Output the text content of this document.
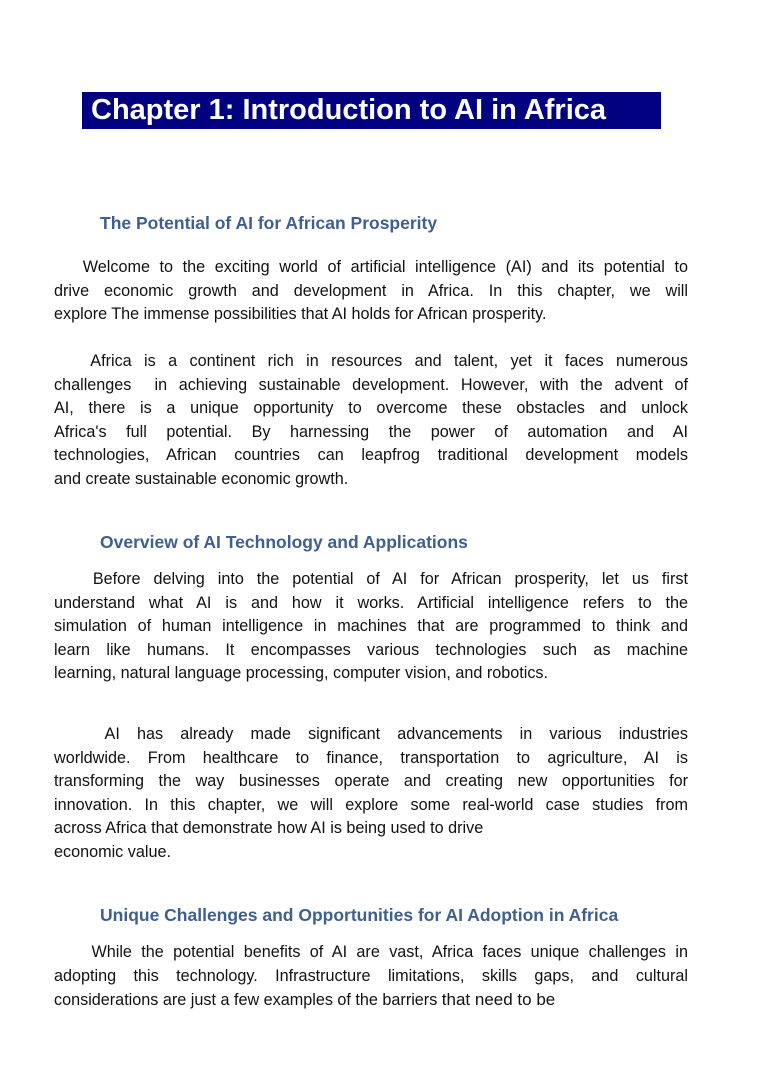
Chapter 1: Introduction to AI in Africa
The Potential of AI for African Prosperity
Welcome to the exciting world of artificial intelligence (AI) and its potential to
drive economic growth and development in Africa. In this chapter, we will
explore The immense possibilities that AI holds for African prosperity.
Africa is a continent rich in resources and talent, yet it faces numerous
challenges  in achieving sustainable development. However, with the advent of
AI, there is a unique opportunity to overcome these obstacles and unlock
Africa's full potential. By harnessing the power of automation and AI
technologies, African countries can leapfrog traditional development models
and create sustainable economic growth.
Overview of AI Technology and Applications
Before delving into the potential of AI for African prosperity, let us first
understand what AI is and how it works. Artificial intelligence refers to the
simulation of human intelligence in machines that are programmed to think and
learn like humans. It encompasses various technologies such as machine
learning, natural language processing, computer vision, and robotics.
AI has already made significant advancements in various industries
worldwide. From healthcare to finance, transportation to agriculture, AI is
transforming the way businesses operate and creating new opportunities for
innovation. In this chapter, we will explore some real-world case studies from
across Africa that demonstrate how AI is being used to drive
economic value.
Unique Challenges and Opportunities for AI Adoption in Africa
While the potential benefits of AI are vast, Africa faces unique challenges in
adopting this technology. Infrastructure limitations, skills gaps, and cultural
considerations are just a few examples of the barriers that need to be
